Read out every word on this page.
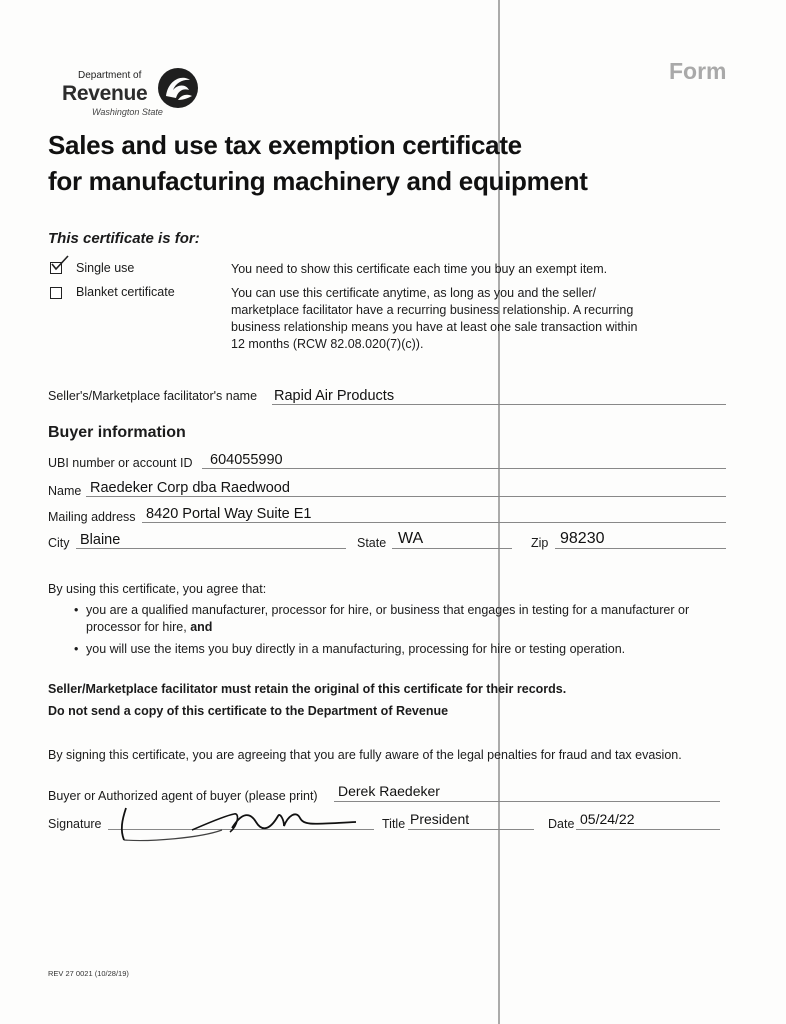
Form
Department of
Revenue
Washington State
Sales and use tax exemption certificate
for manufacturing machinery and equipment
This certificate is for:
Single use	You need to show this certificate each time you buy an exempt item.
Blanket certificate	You can use this certificate anytime, as long as you and the seller/ marketplace facilitator have a recurring business relationship. A recurring business relationship means you have at least one sale transaction within 12 months (RCW 82.08.020(7)(c)).
Seller's/Marketplace facilitator's name	Rapid Air Products
Buyer information
UBI number or account ID 604055990
Name Raedeker Corp dba Raedwood
Mailing address 8420 Portal Way Suite E1
City Blaine	State WA	Zip 98230
By using this certificate, you agree that:
• you are a qualified manufacturer, processor for hire, or business that engages in testing for a manufacturer or processor for hire, and
• you will use the items you buy directly in a manufacturing, processing for hire or testing operation.
Seller/Marketplace facilitator must retain the original of this certificate for their records.
Do not send a copy of this certificate to the Department of Revenue
By signing this certificate, you are agreeing that you are fully aware of the legal penalties for fraud and tax evasion.
Buyer or Authorized agent of buyer (please print) Derek Raedeker
Signature	Title President	Date 05/24/22
REV 27 0021 (10/28/19)
